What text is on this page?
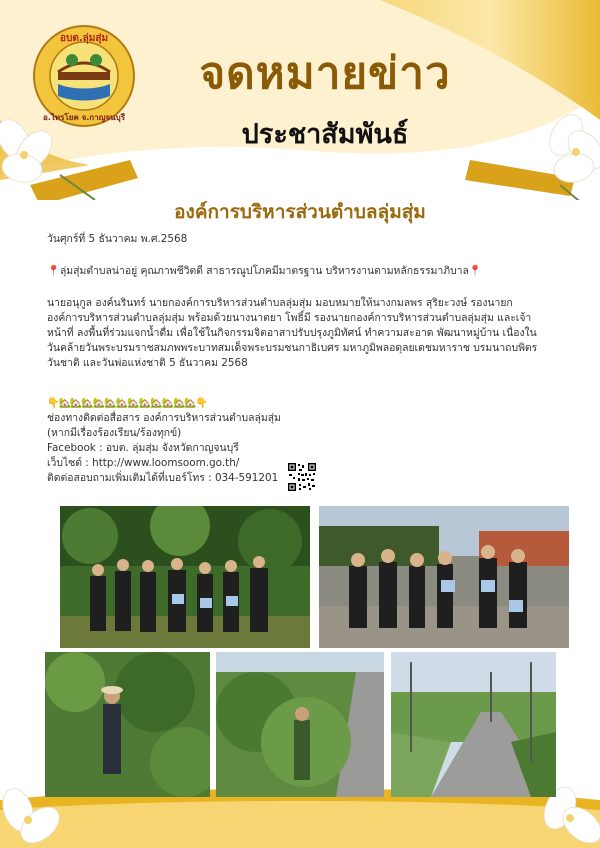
อบต.ลุ่มสุ่ม
อ.ไทรโยค จ.กาญจนบุรี
จดหมายข่าว
ประชาสัมพันธ์
องค์การบริหารส่วนตำบลลุ่มสุ่ม
วันศุกร์ที่ 5 ธันวาคม พ.ศ.2568
📍ลุ่มสุ่มตำบลน่าอยู่ คุณภาพชีวิตดี สาธารณูปโภคมีมาตรฐาน บริหารงานตามหลักธรรมาภิบาล📍
นายอนุกูล องค์นรินทร์ นายกองค์การบริหารส่วนตำบลลุ่มสุ่ม มอบหมายให้นางกมลพร สุริยะวงษ์ รองนายก
องค์การบริหารส่วนตำบลลุ่มสุ่ม พร้อมด้วยนางนาตยา โพธิ์มี รองนายกองค์การบริหารส่วนตำบลลุ่มสุ่ม และเจ้า
หน้าที่ ลงพื้นที่ร่วมแจกน้ำดื่ม เพื่อใช้ในกิจกรรมจิตอาสาปรับปรุงภูมิทัศน์ ทำความสะอาด พัฒนาหมู่บ้าน เนื่องใน
วันคล้ายวันพระบรมราชสมภพพระบาทสมเด็จพระบรมชนกาธิเบศร มหาภูมิพลอดุลยเดชมหาราช บรมนาถบพิตร
วันชาติ และวันพ่อแห่งชาติ 5 ธันวาคม 2568
👇🏡🏡🏡🏡🏡🏡🏡🏡🏡🏡🏡🏡👇
ช่องทางติดต่อสื่อสาร องค์การบริหารส่วนตำบลลุ่มสุ่ม
(หากมีเรื่องร้องเรียน/ร้องทุกข์)
Facebook : อบต. ลุ่มสุ่ม จังหวัดกาญจนบุรี
เว็บไซต์ : http://www.loomsoom.go.th/
ติดต่อสอบถามเพิ่มเติมได้ที่เบอร์โทร : 034-591201
